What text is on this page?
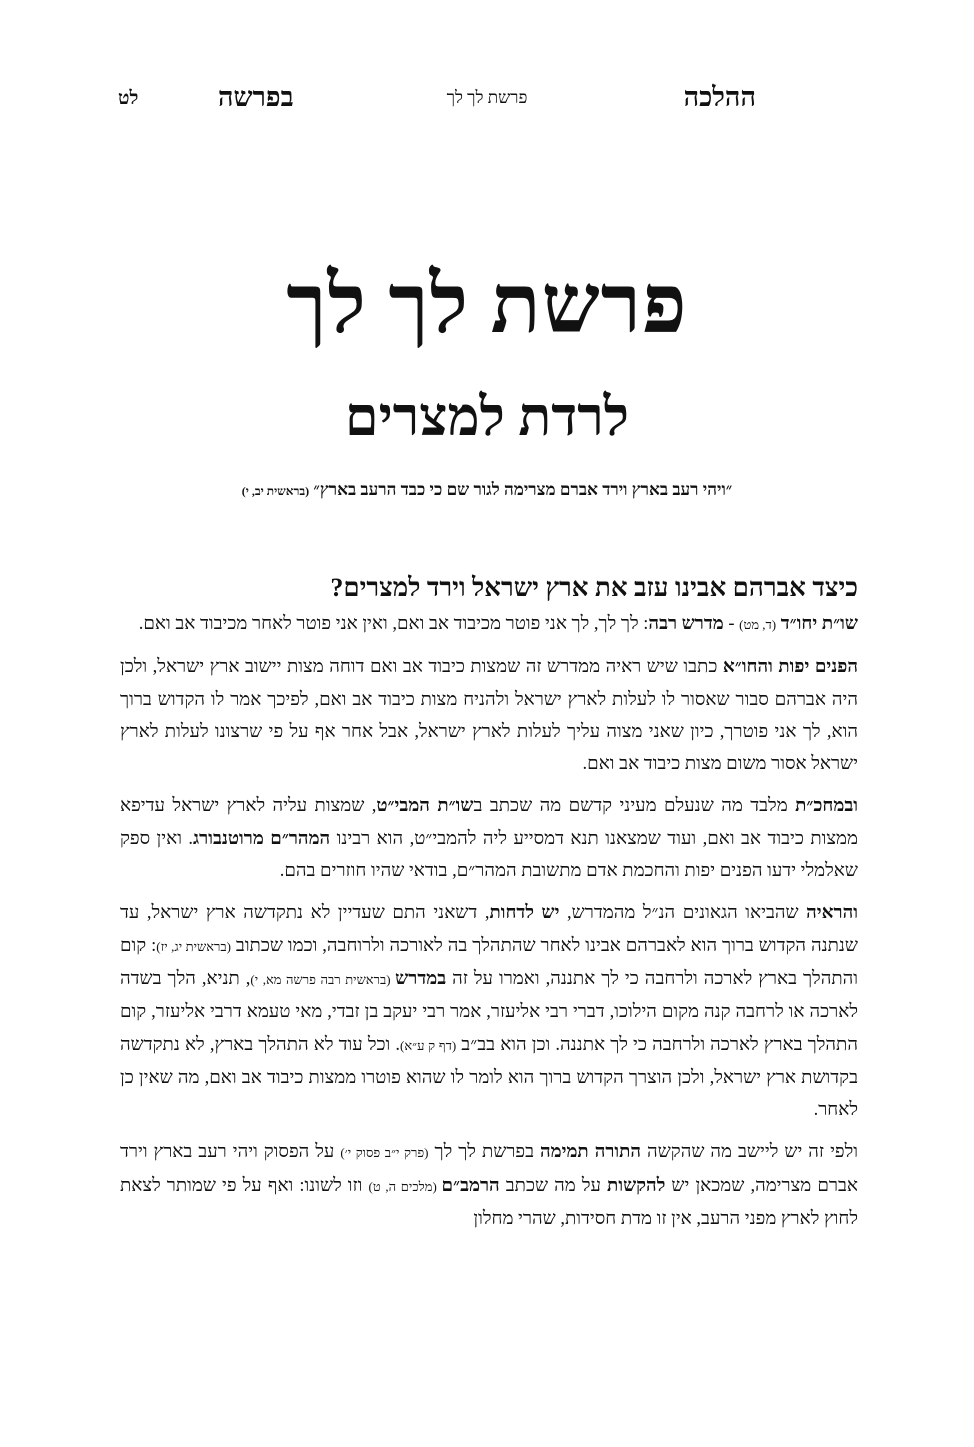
לט	בפרשה	פרשת לך לך	ההלכה
פרשת לך לך
לרדת למצרים
״ויהי רעב בארץ וירד אברם מצרימה לגור שם כי כבד הרעב בארץ״ (בראשית יב, י)
כיצד אברהם אבינו עזב את ארץ ישראל וירד למצרים?

שו״ת יחו״ד (ד, מט) - מדרש רבה: לך לך, לך אני פוטר מכיבוד אב ואם, ואין אני פוטר לאחר מכיבוד אב ואם.

הפנים יפות והחו״א כתבו שיש ראיה ממדרש זה שמצות כיבוד אב ואם דוחה מצות יישוב ארץ ישראל, ולכן היה אברהם סבור שאסור לו לעלות לארץ ישראל ולהניח מצות כיבוד אב ואם, לפיכך אמר לו הקדוש ברוך הוא, לך אני פוטרך, כיון שאני מצוה עליך לעלות לארץ ישראל, אבל אחר אף על פי שרצונו לעלות לארץ ישראל אסור משום מצות כיבוד אב ואם.

ובמחכ״ת מלבד מה שנעלם מעיני קדשם מה שכתב בשו״ת המבי״ט, שמצות עליה לארץ ישראל עדיפא ממצות כיבוד אב ואם, ועוד שמצאנו תנא דמסייע ליה להמבי״ט, הוא רבינו המהר״ם מרוטנבורג. ואין ספק שאלמלי ידעו הפנים יפות והחכמת אדם מתשובת המהר״ם, בודאי שהיו חוזרים בהם.

והראיה שהביאו הגאונים הנ״ל מהמדרש, יש לדחות, דשאני התם שעדיין לא נתקדשה ארץ ישראל, עד שנתנה הקדוש ברוך הוא לאברהם אבינו לאחר שהתהלך בה לאורכה ולרוחבה, וכמו שכתוב (בראשית יג, יז): קום והתהלך בארץ לארכה ולרחבה כי לך אתננה, ואמרו על זה במדרש (בראשית רבה פרשה מא, י), תניא, הלך בשדה לארכה או לרחבה קנה מקום הילוכו, דברי רבי אליעזר, אמר רבי יעקב בן זבדי, מאי טעמא דרבי אליעזר, קום התהלך בארץ לארכה ולרחבה כי לך אתננה. וכן הוא בב״ב (דף ק ע״א). וכל עוד לא התהלך בארץ, לא נתקדשה בקדושת ארץ ישראל, ולכן הוצרך הקדוש ברוך הוא לומר לו שהוא פוטרו ממצות כיבוד אב ואם, מה שאין כן לאחר.

ולפי זה יש ליישב מה שהקשה התורה תמימה בפרשת לך לך (פרק י״ב פסוק י׳) על הפסוק ויהי רעב בארץ וירד אברם מצרימה, שמכאן יש להקשות על מה שכתב הרמב״ם (מלכים ה, ט) וזו לשונו: ואף על פי שמותר לצאת לחוץ לארץ מפני הרעב, אין זו מדת חסידות, שהרי מחלון
